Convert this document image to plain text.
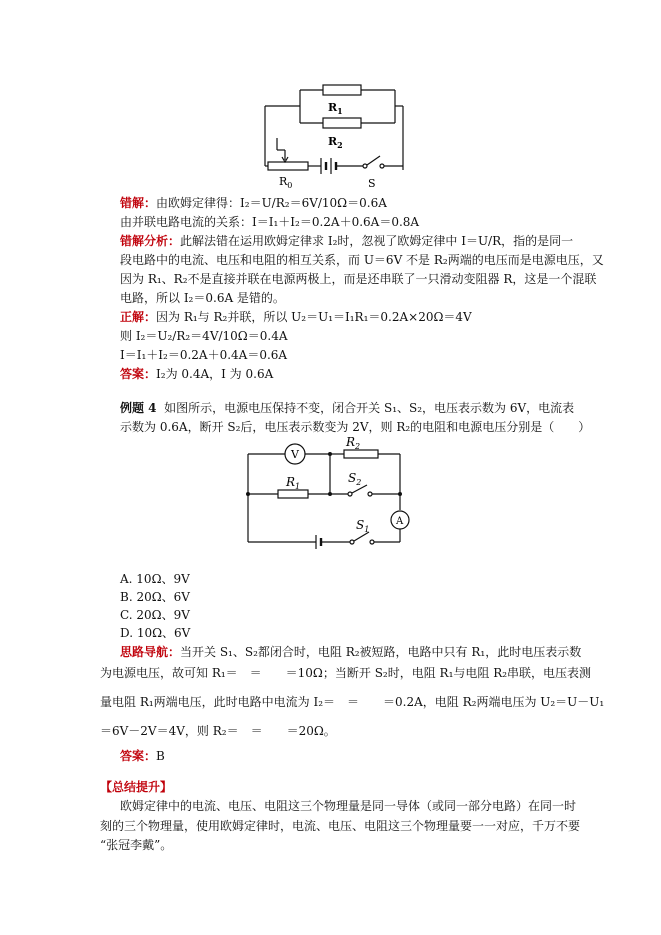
$R_1$
$R_2$
$R_0$	S
错解：由欧姆定律得：I₂＝U/R₂＝6V/10Ω＝0.6A
由并联电路电流的关系：I＝I₁＋I₂＝0.2A＋0.6A＝0.8A
错解分析：此解法错在运用欧姆定律求 I₂时，忽视了欧姆定律中 I＝U/R，指的是同一
段电路中的电流、电压和电阻的相互关系，而 U＝6V 不是 R₂两端的电压而是电源电压，又
因为 R₁、R₂不是直接并联在电源两极上，而是还串联了一只滑动变阻器 R，这是一个混联
电路，所以 I₂＝0.6A 是错的。
正解：因为 R₁与 R₂并联，所以 U₂＝U₁＝I₁R₁＝0.2A×20Ω＝4V
则 I₂＝U₂/R₂＝4V/10Ω＝0.4A
I＝I₁＋I₂＝0.2A＋0.4A＝0.6A
答案：I₂为 0.4A，I 为 0.6A
例题 4 如图所示，电源电压保持不变，闭合开关 S₁、S₂，电压表示数为 6V，电流表
示数为 0.6A，断开 S₂后，电压表示数变为 2V，则 R₂的电阻和电源电压分别是（　　）
V
A
$R_2$
$R_1$
$S_2$
$S_1$
A. 10Ω、9V
B. 20Ω、6V
C. 20Ω、9V
D. 10Ω、6V
思路导航：当开关 S₁、S₂都闭合时，电阻 R₂被短路，电路中只有 R₁，此时电压表示数
为电源电压，故可知 R₁＝　＝　　＝10Ω；当断开 S₂时，电阻 R₁与电阻 R₂串联，电压表测
量电阻 R₁两端电压，此时电路中电流为 I₂＝　＝　　＝0.2A，电阻 R₂两端电压为 U₂＝U－U₁
＝6V－2V＝4V，则 R₂＝　＝　　＝20Ω。
答案：B
【总结提升】
欧姆定律中的电流、电压、电阻这三个物理量是同一导体（或同一部分电路）在同一时
刻的三个物理量，使用欧姆定律时，电流、电压、电阻这三个物理量要一一对应，千万不要
“张冠李戴”。
